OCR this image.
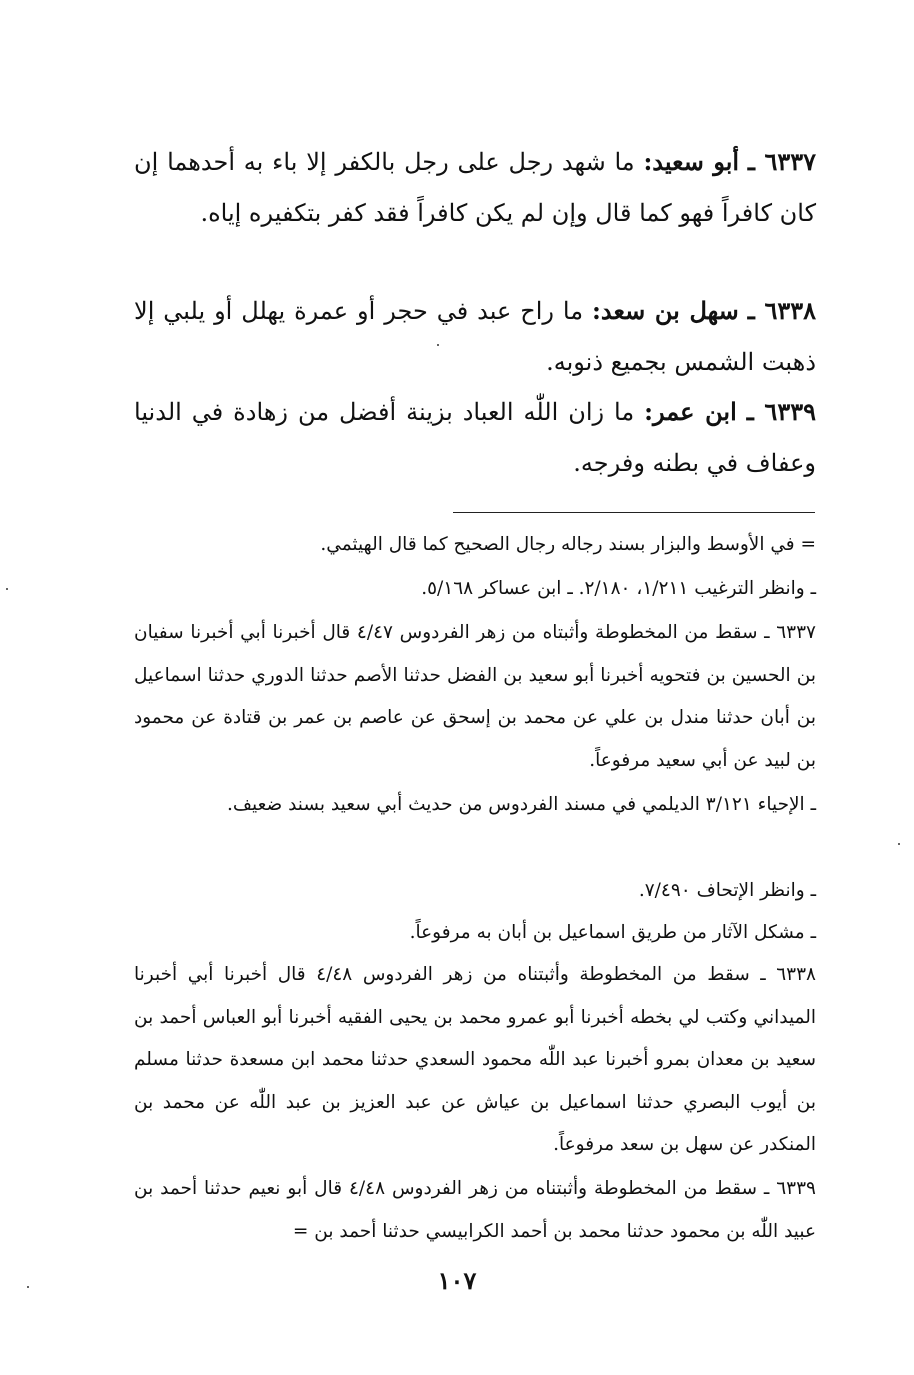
٦٣٣٧ ـ أبو سعيد: ما شهد رجل على رجل بالكفر إلا باء به أحدهما إن كان كافراً فهو كما قال وإن لم يكن كافراً فقد كفر بتكفيره إياه.
٦٣٣٨ ـ سهل بن سعد: ما راح عبد في حجر أو عمرة يهلل أو يلبي إلا ذهبت الشمس بجميع ذنوبه.
٦٣٣٩ ـ ابن عمر: ما زان اللّٰه العباد بزينة أفضل من زهادة في الدنيا وعفاف في بطنه وفرجه.
= في الأوسط والبزار بسند رجاله رجال الصحيح كما قال الهيثمي.
ـ وانظر الترغيب ١/٢١١، ٢/١٨٠. ـ ابن عساكر ٥/١٦٨.
٦٣٣٧ ـ سقط من المخطوطة وأثبتاه من زهر الفردوس ٤/٤٧ قال أخبرنا أبي أخبرنا سفيان بن الحسين بن فتحويه أخبرنا أبو سعيد بن الفضل حدثنا الأصم حدثنا الدوري حدثنا اسماعيل بن أبان حدثنا مندل بن علي عن محمد بن إسحق عن عاصم بن عمر بن قتادة عن محمود بن لبيد عن أبي سعيد مرفوعاً.
ـ الإحياء ٣/١٢١ الديلمي في مسند الفردوس من حديث أبي سعيد بسند ضعيف.
ـ وانظر الإتحاف ٧/٤٩٠.
ـ مشكل الآثار من طريق اسماعيل بن أبان به مرفوعاً.
٦٣٣٨ ـ سقط من المخطوطة وأثبتناه من زهر الفردوس ٤/٤٨ قال أخبرنا أبي أخبرنا الميداني وكتب لي بخطه أخبرنا أبو عمرو محمد بن يحيى الفقيه أخبرنا أبو العباس أحمد بن سعيد بن معدان بمرو أخبرنا عبد اللّٰه محمود السعدي حدثنا محمد ابن مسعدة حدثنا مسلم بن أيوب البصري حدثنا اسماعيل بن عياش عن عبد العزيز بن عبد اللّٰه عن محمد بن المنكدر عن سهل بن سعد مرفوعاً.
٦٣٣٩ ـ سقط من المخطوطة وأثبتناه من زهر الفردوس ٤/٤٨ قال أبو نعيم حدثنا أحمد بن عبيد اللّٰه بن محمود حدثنا محمد بن أحمد الكرابيسي حدثنا أحمد بن =
١٠٧
